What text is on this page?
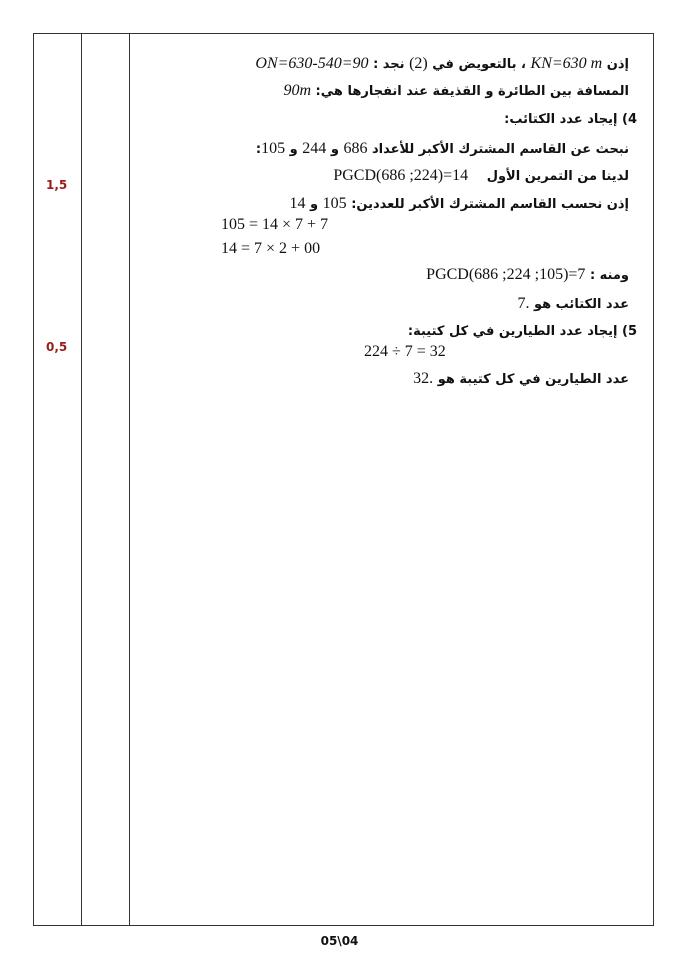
1,5
0,5
إذن KN=630 m ، بالتعويض في (2) نجد : ON=630-540=90
المسافة بين الطائرة و القذيفة عند انفجارها هي: 90m
4) إيجاد عدد الكتائب:
نبحث عن القاسم المشترك الأكبر للأعداد 686 و 244 و 105:
لدينا من التمرين الأول PGCD(686 ;224)=14
إذن نحسب القاسم المشترك الأكبر للعددين: 105 و 14
105 = 14 × 7 + 7
14 = 7 × 2 + 00
ومنه : PGCD(686 ;224 ;105)=7
عدد الكتائب هو 7.
5) إيجاد عدد الطيارين في كل كتيبة:
224 ÷ 7 = 32
عدد الطيارين في كل كتيبة هو 32.
05\04
